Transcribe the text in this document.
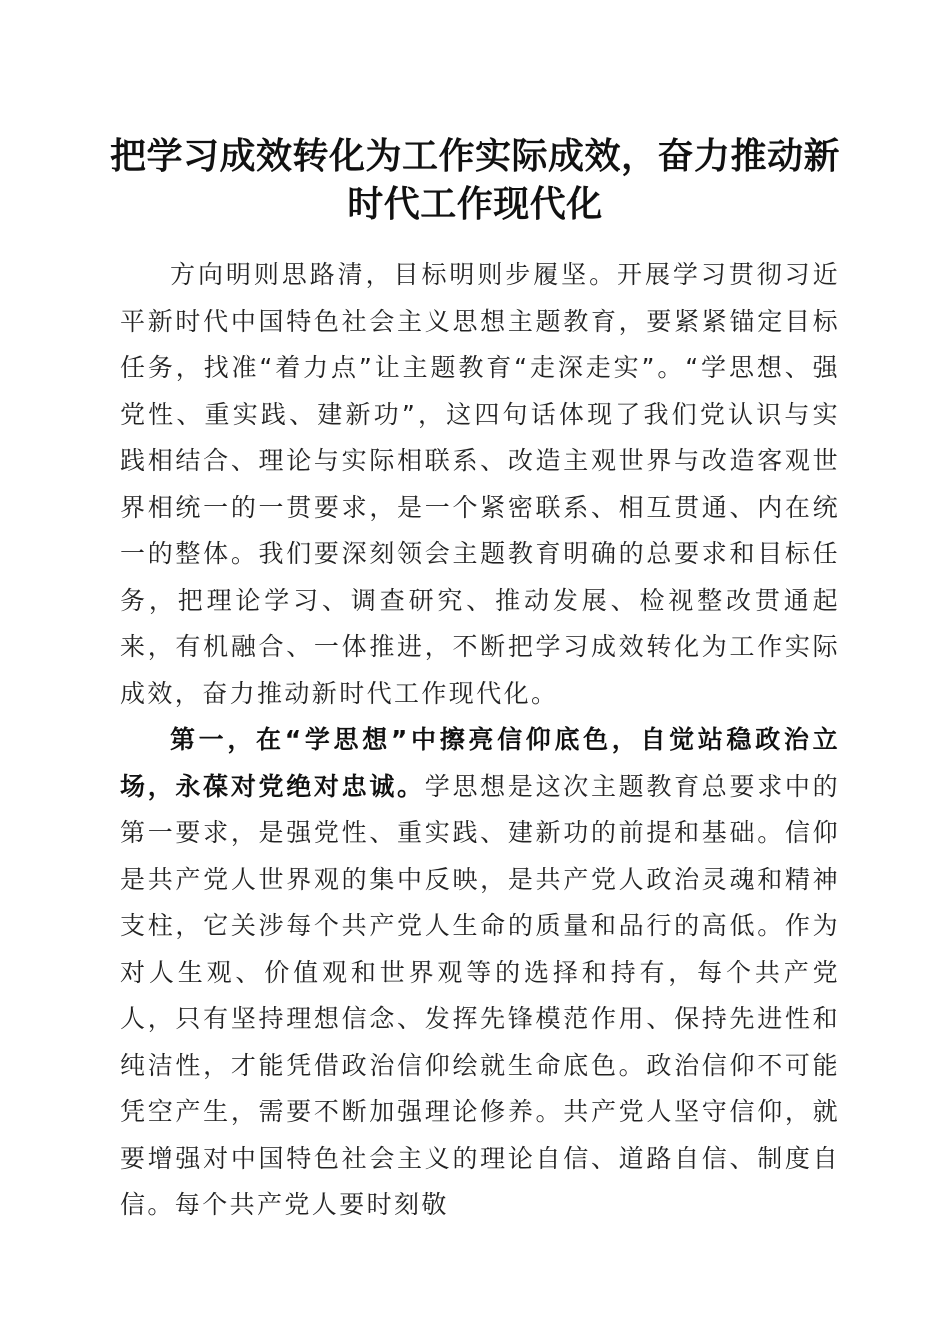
把学习成效转化为工作实际成效，奋力推动新时代工作现代化

方向明则思路清，目标明则步履坚。开展学习贯彻习近平新时代中国特色社会主义思想主题教育，要紧紧锚定目标任务，找准“着力点”让主题教育“走深走实”。“学思想、强党性、重实践、建新功”，这四句话体现了我们党认识与实践相结合、理论与实际相联系、改造主观世界与改造客观世界相统一的一贯要求，是一个紧密联系、相互贯通、内在统一的整体。我们要深刻领会主题教育明确的总要求和目标任务，把理论学习、调查研究、推动发展、检视整改贯通起来，有机融合、一体推进，不断把学习成效转化为工作实际成效，奋力推动新时代工作现代化。

第一，在“学思想”中擦亮信仰底色，自觉站稳政治立场，永葆对党绝对忠诚。学思想是这次主题教育总要求中的第一要求，是强党性、重实践、建新功的前提和基础。信仰是共产党人世界观的集中反映，是共产党人政治灵魂和精神支柱，它关涉每个共产党人生命的质量和品行的高低。作为对人生观、价值观和世界观等的选择和持有，每个共产党人，只有坚持理想信念、发挥先锋模范作用、保持先进性和纯洁性，才能凭借政治信仰绘就生命底色。政治信仰不可能凭空产生，需要不断加强理论修养。共产党人坚守信仰，就要增强对中国特色社会主义的理论自信、道路自信、制度自信。每个共产党人要时刻敬
